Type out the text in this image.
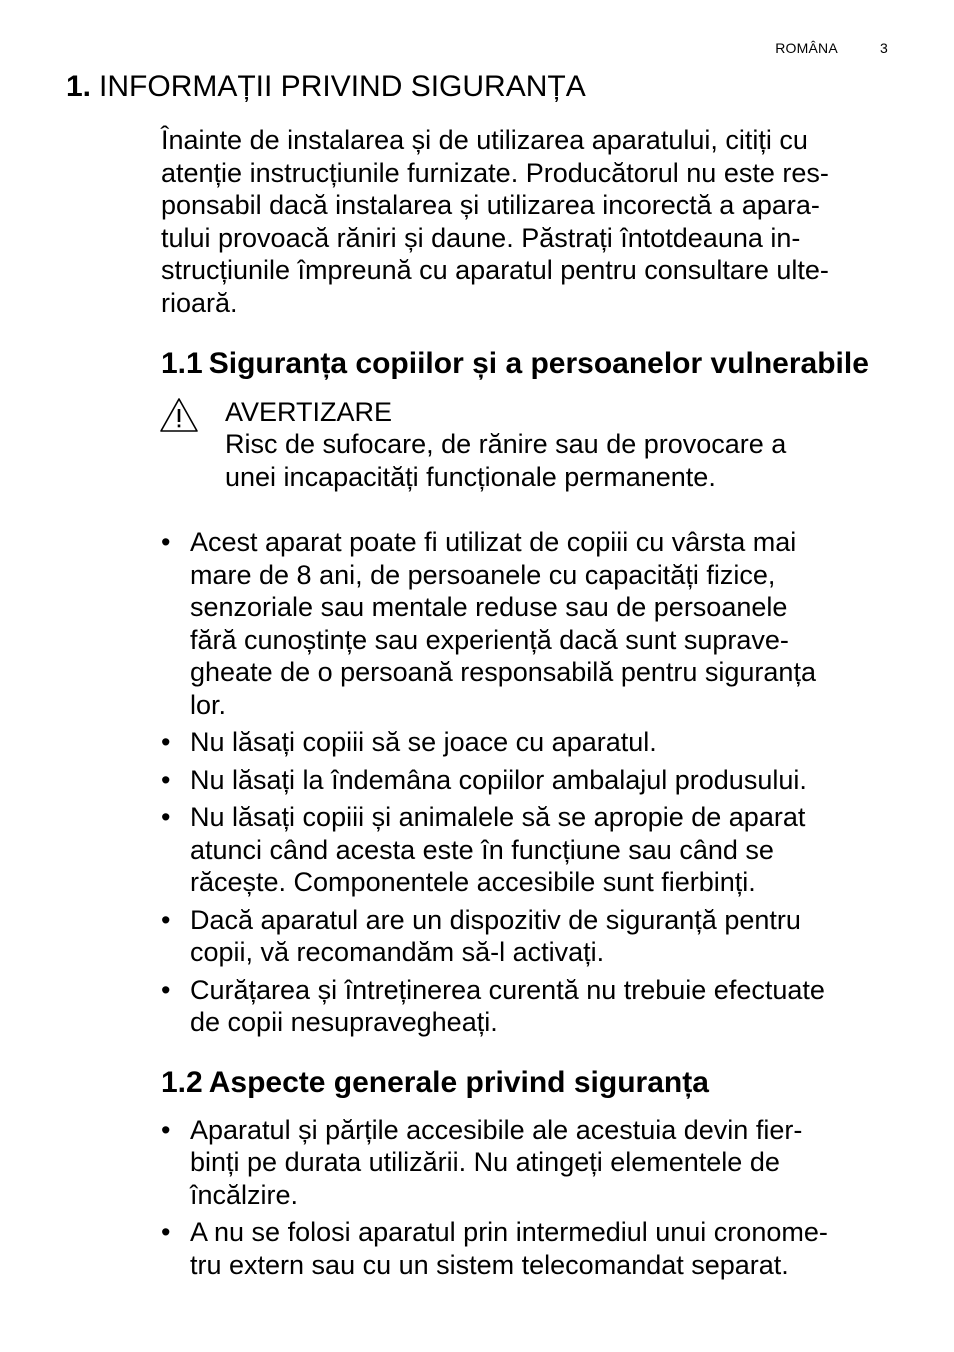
ROMÂNA	3
1. INFORMAȚII PRIVIND SIGURANȚA

Înainte de instalarea și de utilizarea aparatului, citiți cu
atenție instrucțiunile furnizate. Producătorul nu este res-
ponsabil dacă instalarea și utilizarea incorectă a apara-
tului provoacă răniri și daune. Păstrați întotdeauna in-
strucțiunile împreună cu aparatul pentru consultare ulte-
rioară.

1.1 Siguranța copiilor și a persoanelor vulnerabile
AVERTIZARE
Risc de sufocare, de rănire sau de provocare a
unei incapacități funcționale permanente.
• Acest aparat poate fi utilizat de copiii cu vârsta mai
mare de 8 ani, de persoanele cu capacități fizice,
senzoriale sau mentale reduse sau de persoanele
fără cunoștințe sau experiență dacă sunt suprave-
gheate de o persoană responsabilă pentru siguranța
lor.
• Nu lăsați copiii să se joace cu aparatul.
• Nu lăsați la îndemâna copiilor ambalajul produsului.
• Nu lăsați copiii și animalele să se apropie de aparat
atunci când acesta este în funcțiune sau când se
răcește. Componentele accesibile sunt fierbinți.
• Dacă aparatul are un dispozitiv de siguranță pentru
copii, vă recomandăm să-l activați.
• Curățarea și întreținerea curentă nu trebuie efectuate
de copii nesupravegheați.
1.2 Aspecte generale privind siguranța
• Aparatul și părțile accesibile ale acestuia devin fier-
binți pe durata utilizării. Nu atingeți elementele de
încălzire.
• A nu se folosi aparatul prin intermediul unui cronome-
tru extern sau cu un sistem telecomandat separat.
